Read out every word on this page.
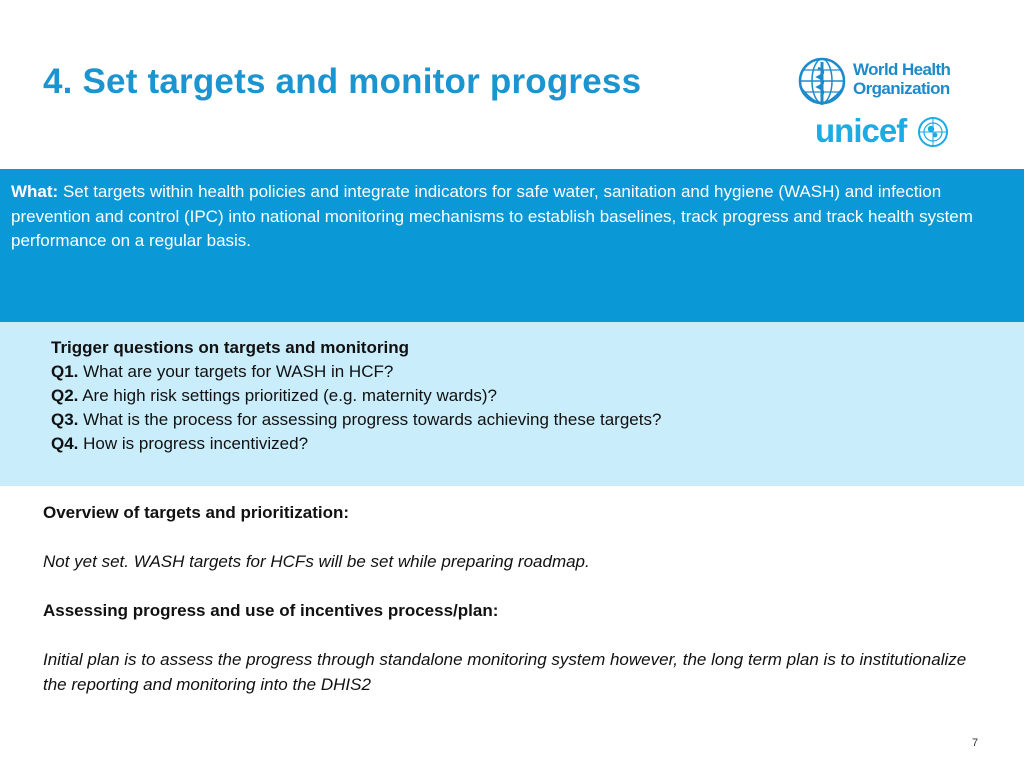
4. Set targets and monitor progress	World Health
Organization
unicef
What: Set targets within health policies and integrate indicators for safe water, sanitation and hygiene (WASH) and infection prevention and control (IPC) into national monitoring mechanisms to establish baselines, track progress and track health system performance on a regular basis.
Trigger questions on targets and monitoring
Q1. What are your targets for WASH in HCF?
Q2. Are high risk settings prioritized (e.g. maternity wards)?
Q3. What is the process for assessing progress towards achieving these targets?
Q4. How is progress incentivized?

Overview of targets and prioritization:

Not yet set. WASH targets for HCFs will be set while preparing roadmap.

Assessing progress and use of incentives process/plan:

Initial plan is to assess the progress through standalone monitoring system however, the long term plan is to institutionalize the reporting and monitoring into the DHIS2

7
